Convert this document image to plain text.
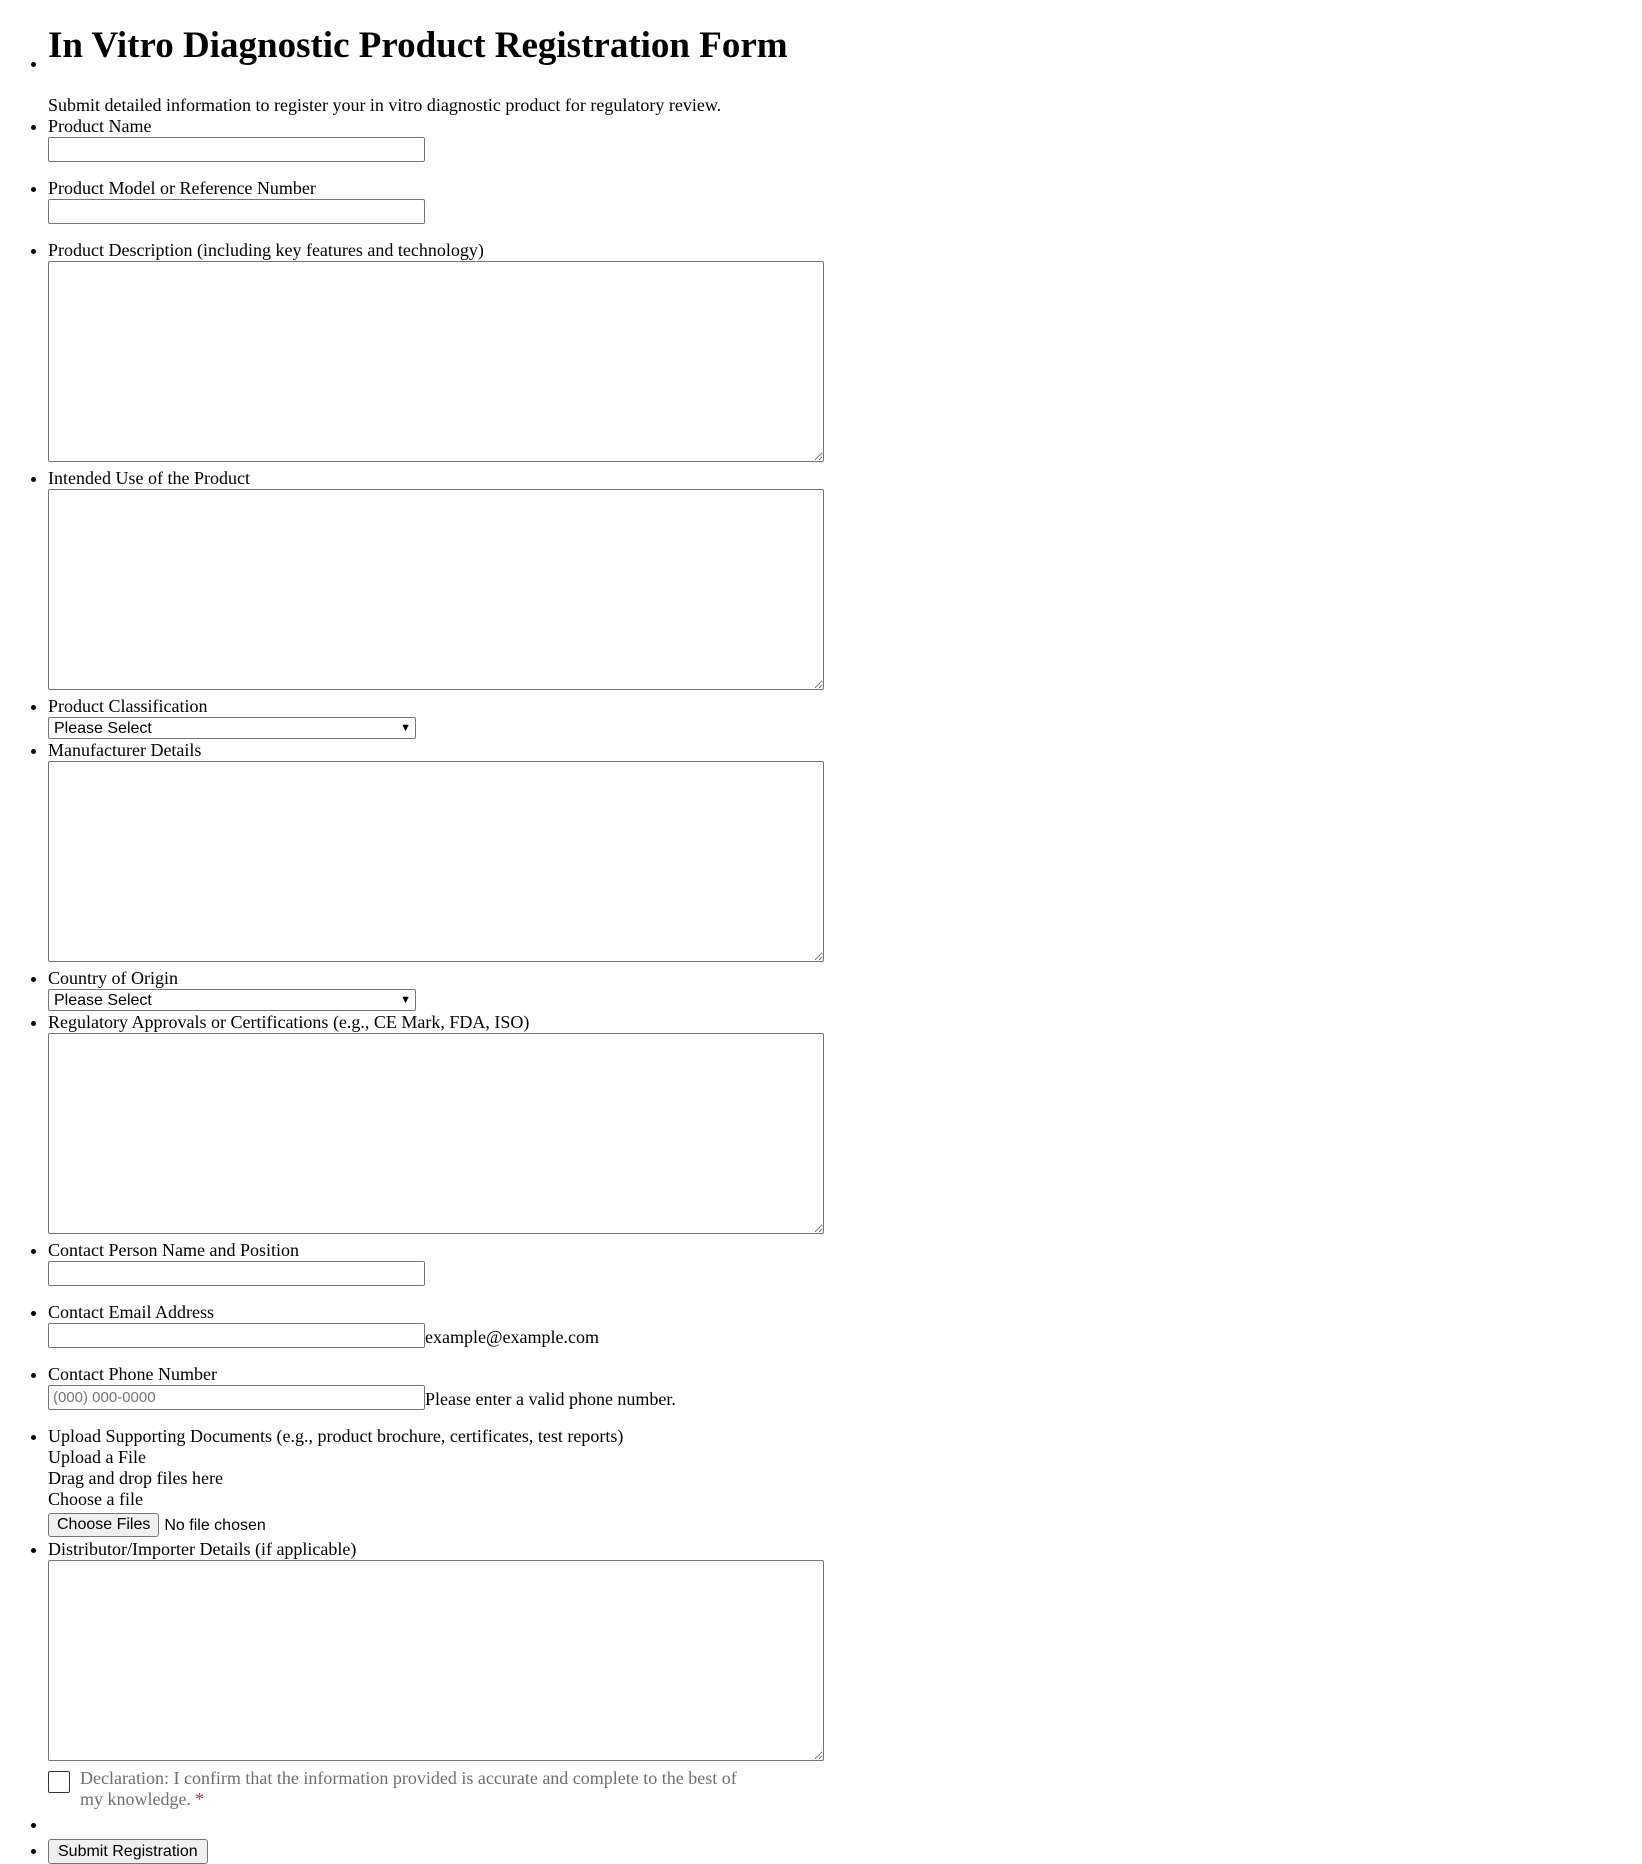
• In Vitro Diagnostic Product Registration Form
Submit detailed information to register your in vitro diagnostic product for regulatory review.
• Product Name
• Product Model or Reference Number
• Product Description (including key features and technology)
• Intended Use of the Product
• Product Classification
Please Select	▼
• Manufacturer Details
• Country of Origin
Please Select	▼
• Regulatory Approvals or Certifications (e.g., CE Mark, FDA, ISO)
• Contact Person Name and Position
• Contact Email Address
example@example.com
• Contact Phone Number
(000) 000-0000
Please enter a valid phone number.
• Upload Supporting Documents (e.g., product brochure, certificates, test reports)
Upload a File
Drag and drop files here
Choose a file
Choose Files No file chosen
• Distributor/Importer Details (if applicable)
Declaration: I confirm that the information provided is accurate and complete to the best of my knowledge. *
•
• Submit Registration
